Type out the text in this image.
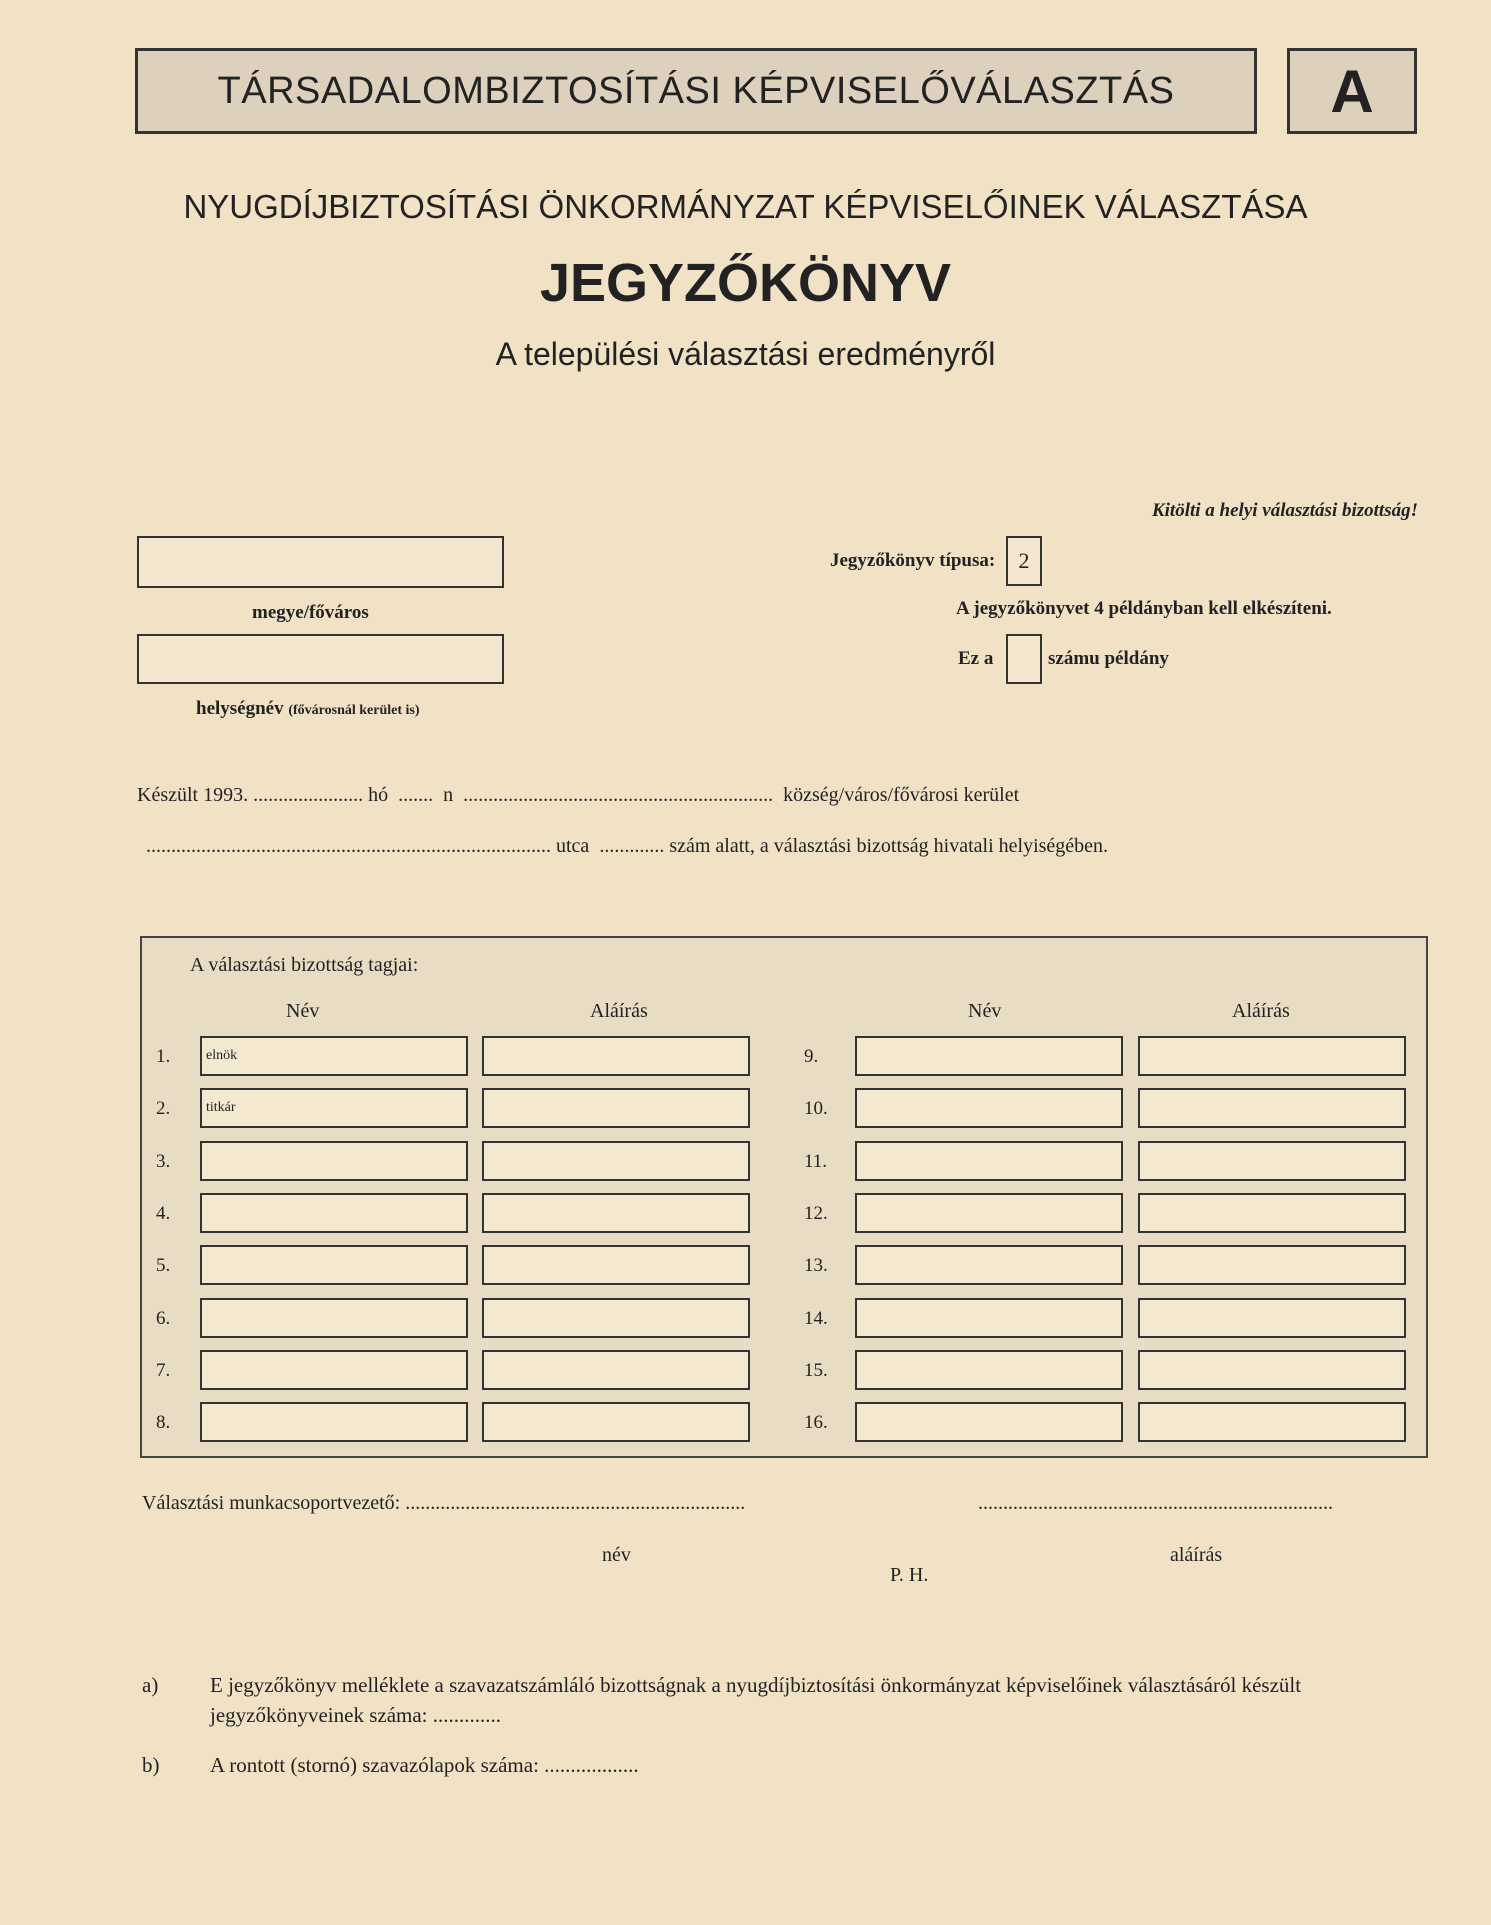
TÁRSADALOMBIZTOSÍTÁSI KÉPVISELŐVÁLASZTÁS	A
NYUGDÍJBIZTOSÍTÁSI ÖNKORMÁNYZAT KÉPVISELŐINEK VÁLASZTÁSA
JEGYZŐKÖNYV
A települési választási eredményről
Kitölti a helyi választási bizottság!
megye/főváros
helységnév (fővárosnál kerület is)
Jegyzőkönyv típusa: 2
A jegyzőkönyvet 4 példányban kell elkészíteni.
Ez a	számu példány
Készült 1993. ...................... hó ....... n .............................................................. község/város/fővárosi kerület
................................................................................. utca ............. szám alatt, a választási bizottság hivatali helyiségében.
A választási bizottság tagjai:
Név	Aláírás	Név	Aláírás
1.	elnök
2.	titkár
3.
4.
5.
6.
7.
8.
9.
10.
11.
12.
13.
14.
15.
16.
Választási munkacsoportvezető: ....................................................................	.......................................................................
név
P. H.
aláírás
a) E jegyzőkönyv melléklete a szavazatszámláló bizottságnak a nyugdíjbiztosítási önkormányzat képviselőinek választásáról készült jegyzőkönyveinek száma: .............
b) A rontott (stornó) szavazólapok száma: ..................
